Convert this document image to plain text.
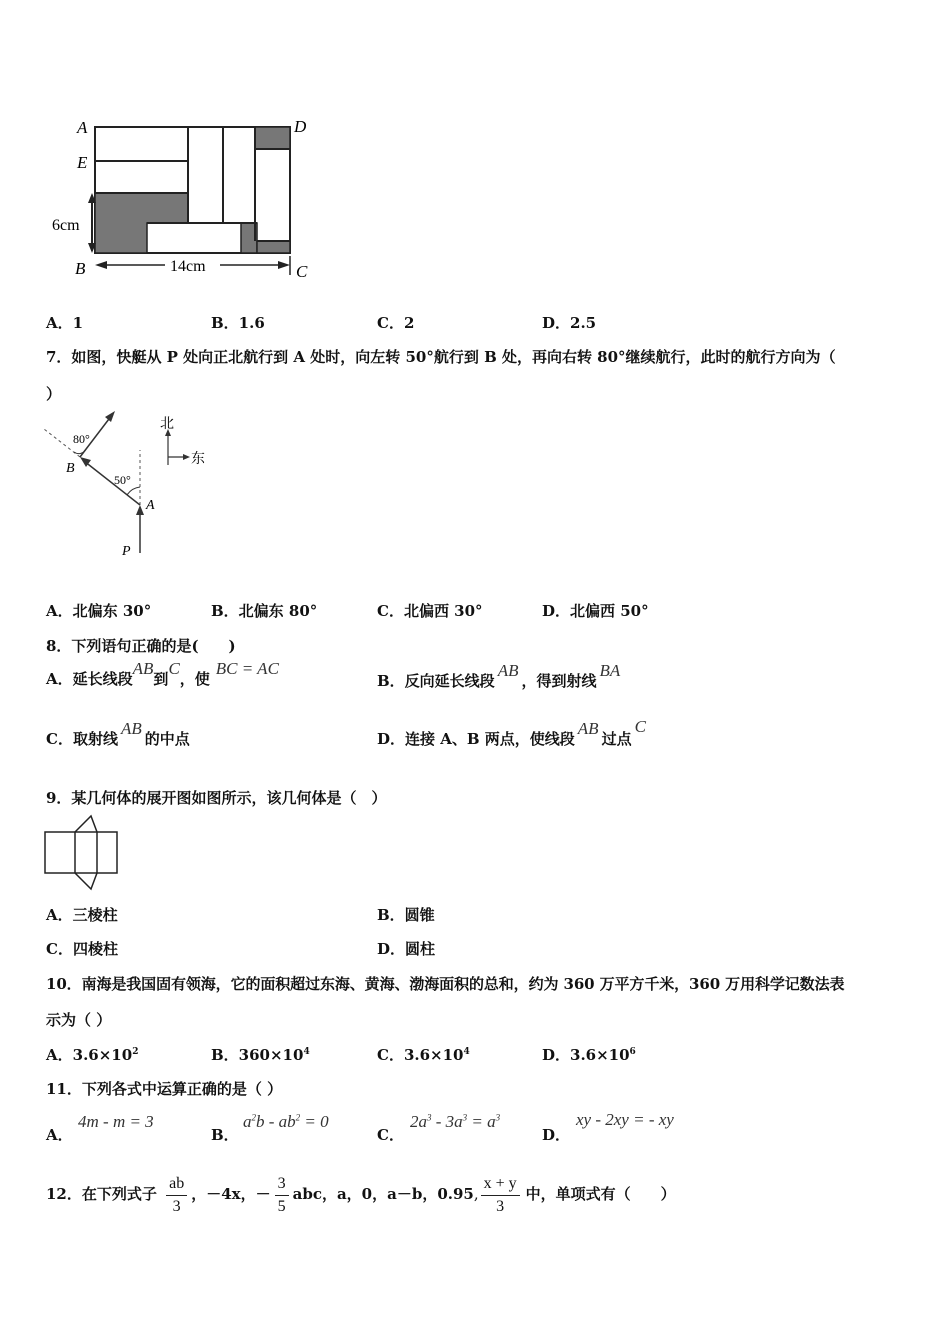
A	D
E
B	C
6cm
14cm
A．1	B．1.6	C．2	D．2.5
7．如图，快艇从 P 处向正北航行到 A 处时，向左转 50°航行到 B 处，再向右转 80°继续航行，此时的航行方向为（
）
80°
50°
B
A
P
北
东
A．北偏东 30°	B．北偏东 80°	C．北偏西 30°	D．北偏西 50°
8．下列语句正确的是(　　)
A．延长线段AB到C，使BC = AC
B．反向延长线段AB，得到射线BA
C．取射线AB的中点	D．连接 A、B 两点，使线段AB过点C
9．某几何体的展开图如图所示，该几何体是（　）
A．三棱柱	B．圆锥
C．四棱柱	D．圆柱
10．南海是我国固有领海，它的面积超过东海、黄海、渤海面积的总和，约为 360 万平方千米，360 万用科学记数法表
示为（ ）
A．$3.6\times 10^2$	B．$360\times 10^4$	C．$3.6\times 10^4$	D．$3.6\times 10^6$
11．下列各式中运算正确的是（ ）
A．
4m - m = 3
B．
$a^2b - ab^2 = 0$
C．
$2a^3 - 3a^3 = a^3$
D．
xy - 2xy = - xy
12．在下列式子 $\frac{ab}{3}$ ，－4x，－ $\frac{3}{5}$ abc，a，0，a－b，0.95, $\frac{x + y}{3}$ 中，单项式有（　　）
